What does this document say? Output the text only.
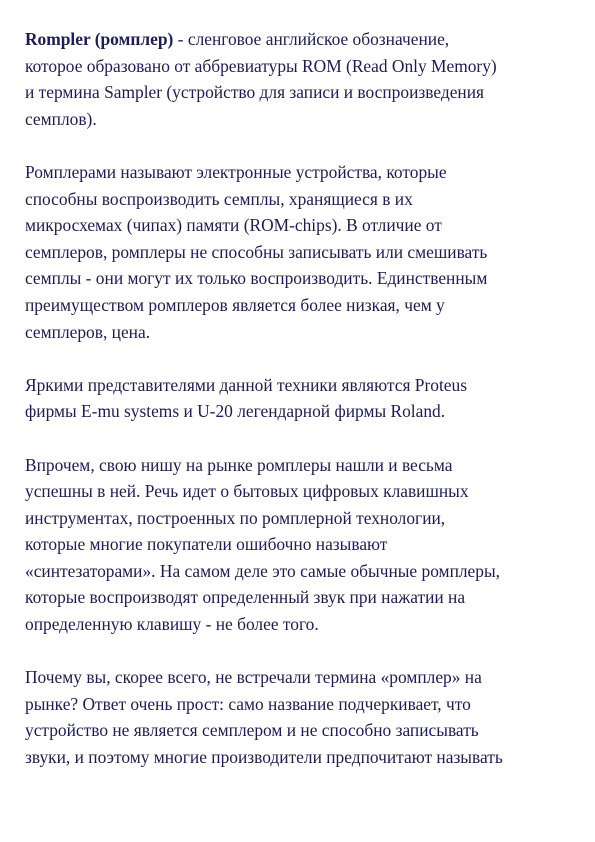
Rompler (ромплер) - сленговое английское обозначение,
которое образовано от аббревиатуры ROM (Read Only Memory)
и термина Sampler (устройство для записи и воспроизведения
семплов).

Ромплерами называют электронные устройства, которые
способны воспроизводить семплы, хранящиеся в их
микросхемах (чипах) памяти (ROM-chips). В отличие от
семплеров, ромплеры не способны записывать или смешивать
семплы - они могут их только воспроизводить. Единственным
преимуществом ромплеров является более низкая, чем у
семплеров, цена.

Яркими представителями данной техники являются Proteus
фирмы E-mu systems и U-20 легендарной фирмы Roland.

Впрочем, свою нишу на рынке ромплеры нашли и весьма
успешны в ней. Речь идет о бытовых цифровых клавишных
инструментах, построенных по ромплерной технологии,
которые многие покупатели ошибочно называют
«синтезаторами». На самом деле это самые обычные ромплеры,
которые воспроизводят определенный звук при нажатии на
определенную клавишу - не более того.

Почему вы, скорее всего, не встречали термина «ромплер» на
рынке? Ответ очень прост: само название подчеркивает, что
устройство не является семплером и не способно записывать
звуки, и поэтому многие производители предпочитают называть
